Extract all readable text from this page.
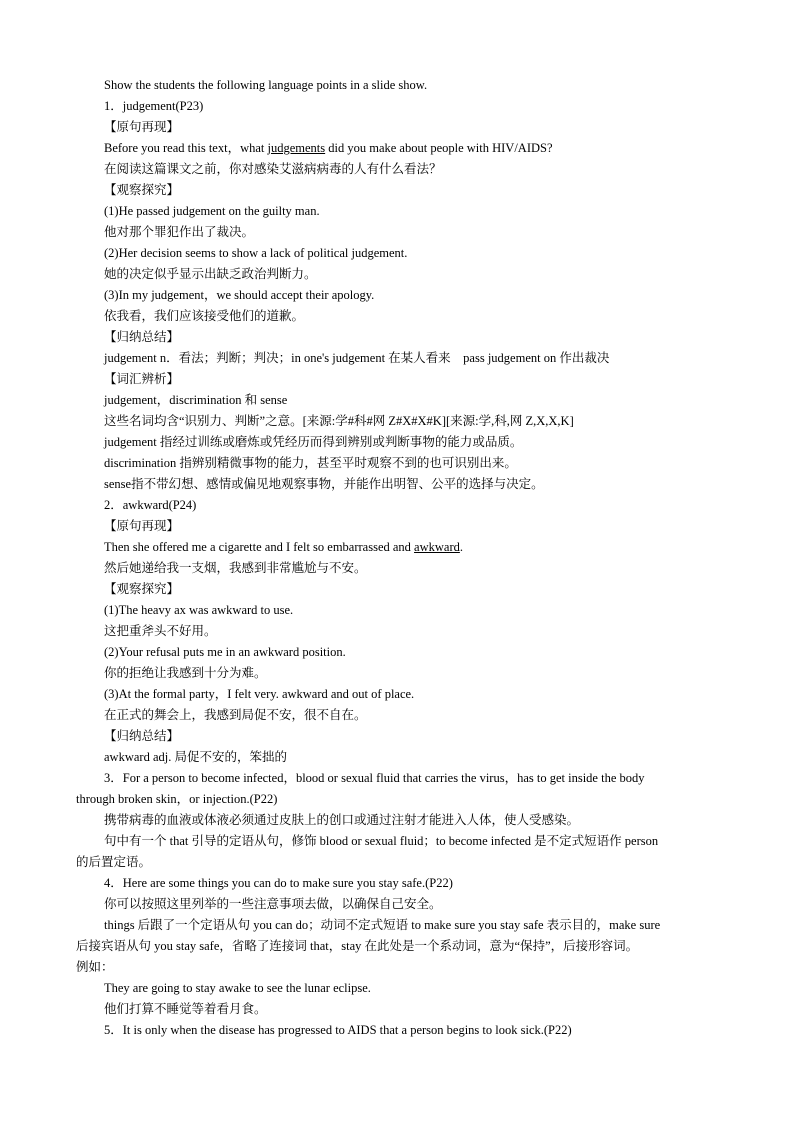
Show the students the following language points in a slide show.
1．judgement(P23)
【原句再现】
Before you read this text，what judgements did you make about people with HIV/AIDS?
在阅读这篇课文之前，你对感染艾滋病病毒的人有什么看法？
【观察探究】
(1)He passed judgement on the guilty man.
他对那个罪犯作出了裁决。
(2)Her decision seems to show a lack of political judgement.
她的决定似乎显示出缺乏政治判断力。
(3)In my judgement，we should accept their apology.
依我看，我们应该接受他们的道歉。
【归纳总结】
judgement n．看法；判断；判决；in one's judgement 在某人看来　pass judgement on 作出裁决
【词汇辨析】
judgement，discrimination 和 sense
这些名词均含“识别力、判断”之意。[来源:学#科#网 Z#X#X#K][来源:学,科,网 Z,X,X,K]
judgement 指经过训练或磨炼或凭经历而得到辨别或判断事物的能力或品质。
discrimination 指辨别精微事物的能力，甚至平时观察不到的也可识别出来。
sense指不带幻想、感情或偏见地观察事物，并能作出明智、公平的选择与决定。
2．awkward(P24)
【原句再现】
Then she offered me a cigarette and I felt so embarrassed and awkward.
然后她递给我一支烟，我感到非常尴尬与不安。
【观察探究】
(1)The heavy ax was awkward to use.
这把重斧头不好用。
(2)Your refusal puts me in an awkward position.
你的拒绝让我感到十分为难。
(3)At the formal party，I felt very. awkward and out of place.
在正式的舞会上，我感到局促不安，很不自在。
【归纳总结】
awkward adj. 局促不安的，笨拙的
3．For a person to become infected，blood or sexual fluid that carries the virus，has to get inside the body
through broken skin，or injection.(P22)
携带病毒的血液或体液必须通过皮肤上的创口或通过注射才能进入人体，使人受感染。
句中有一个 that 引导的定语从句，修饰 blood or sexual fluid；to become infected 是不定式短语作 person
的后置定语。
4．Here are some things you can do to make sure you stay safe.(P22)
你可以按照这里列举的一些注意事项去做，以确保自己安全。
things 后跟了一个定语从句 you can do；动词不定式短语 to make sure you stay safe 表示目的，make sure
后接宾语从句 you stay safe，省略了连接词 that，stay 在此处是一个系动词，意为“保持”，后接形容词。
例如：
They are going to stay awake to see the lunar eclipse.
他们打算不睡觉等着看月食。
5．It is only when the disease has progressed to AIDS that a person begins to look sick.(P22)
